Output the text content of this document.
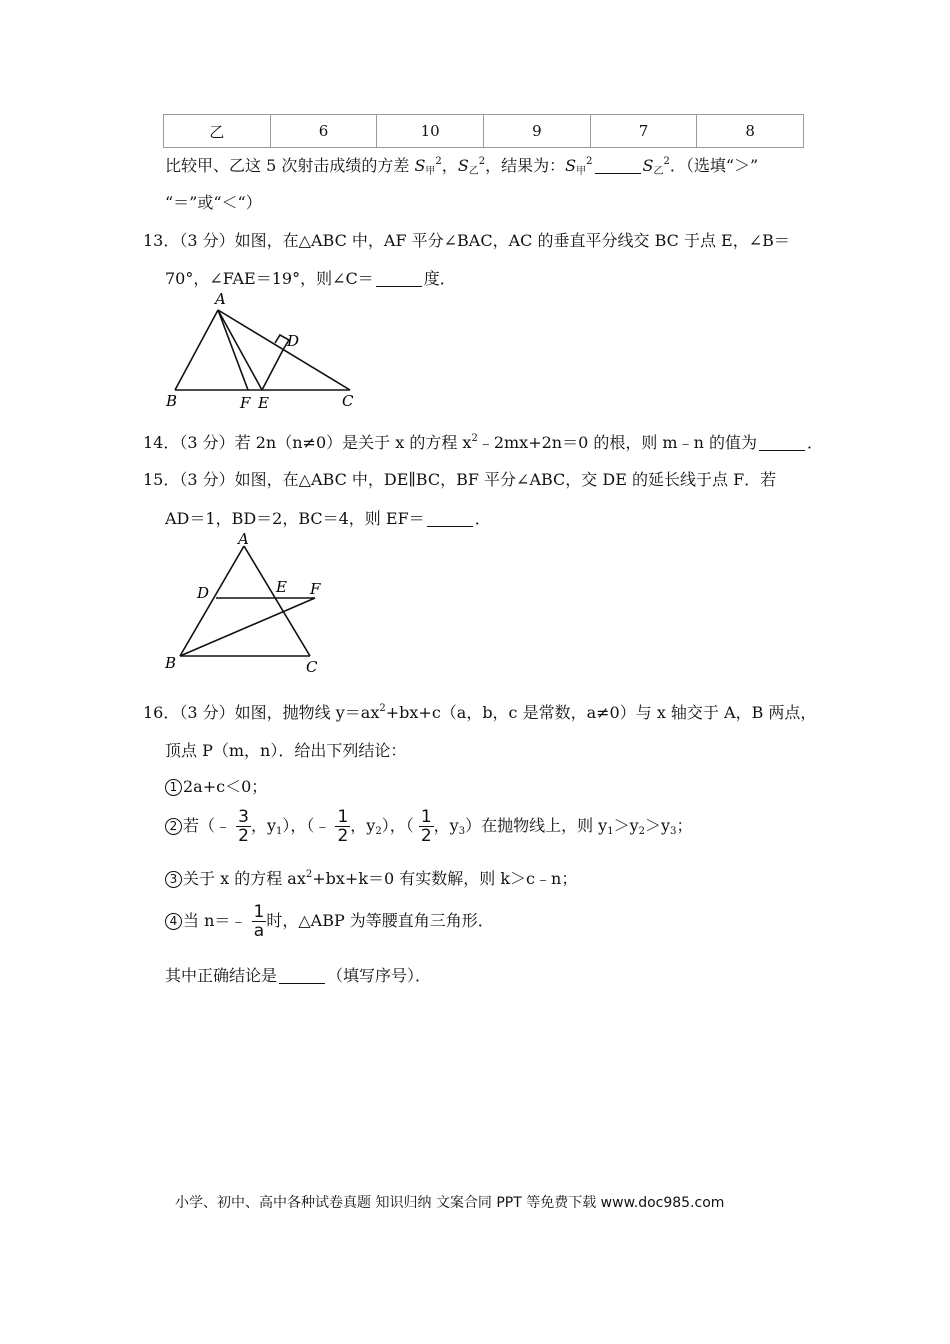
乙	6	10	9	7	8
比较甲、乙这 5 次射击成绩的方差 $S_甲^2$，$S_乙^2$，结果为：$S_甲^2$	$S_乙^2$．（选填“＞”
“＝”或“＜“）
13．（3 分）如图，在△ABC 中，AF 平分∠BAC，AC 的垂直平分线交 BC 于点 E，∠B＝
70°，∠FAE＝19°，则∠C＝	度．
A
D
B	F E	C
14．（3 分）若 2n（n≠0）是关于 x 的方程 $x^2﹣2mx+2n=0$ 的根，则 m﹣n 的值为	．
15．（3 分）如图，在△ABC 中，DE∥BC，BF 平分∠ABC，交 DE 的延长线于点 F．若
AD＝1，BD＝2，BC＝4，则 EF＝	．
A
D	E F
B	C
16．（3 分）如图，抛物线 $y=ax^2+bx+c(a$，b，c 是常数，a≠0）与 x 轴交于 A，B 两点，
顶点 P（m，n）．给出下列结论：
1 2a+c＜0；
2 若（﹣ $\frac{3}{2}$ ，$y_1$），（﹣ $\frac{1}{2}$ ，$y_2$），（ $\frac{1}{2}$ ，$y_3$）在抛物线上，则 $y_1>y_2>y_3$；
3 关于 x 的方程 $ax^2+bx+k=0$ 有实数解，则 k＞c﹣n；
4 当 n＝﹣ $\frac{1}{a}$ 时，△ABP 为等腰直角三角形．
其中正确结论是	（填写序号）．
小学、初中、高中各种试卷真题 知识归纳 文案合同 PPT 等免费下载 www.doc985.com
